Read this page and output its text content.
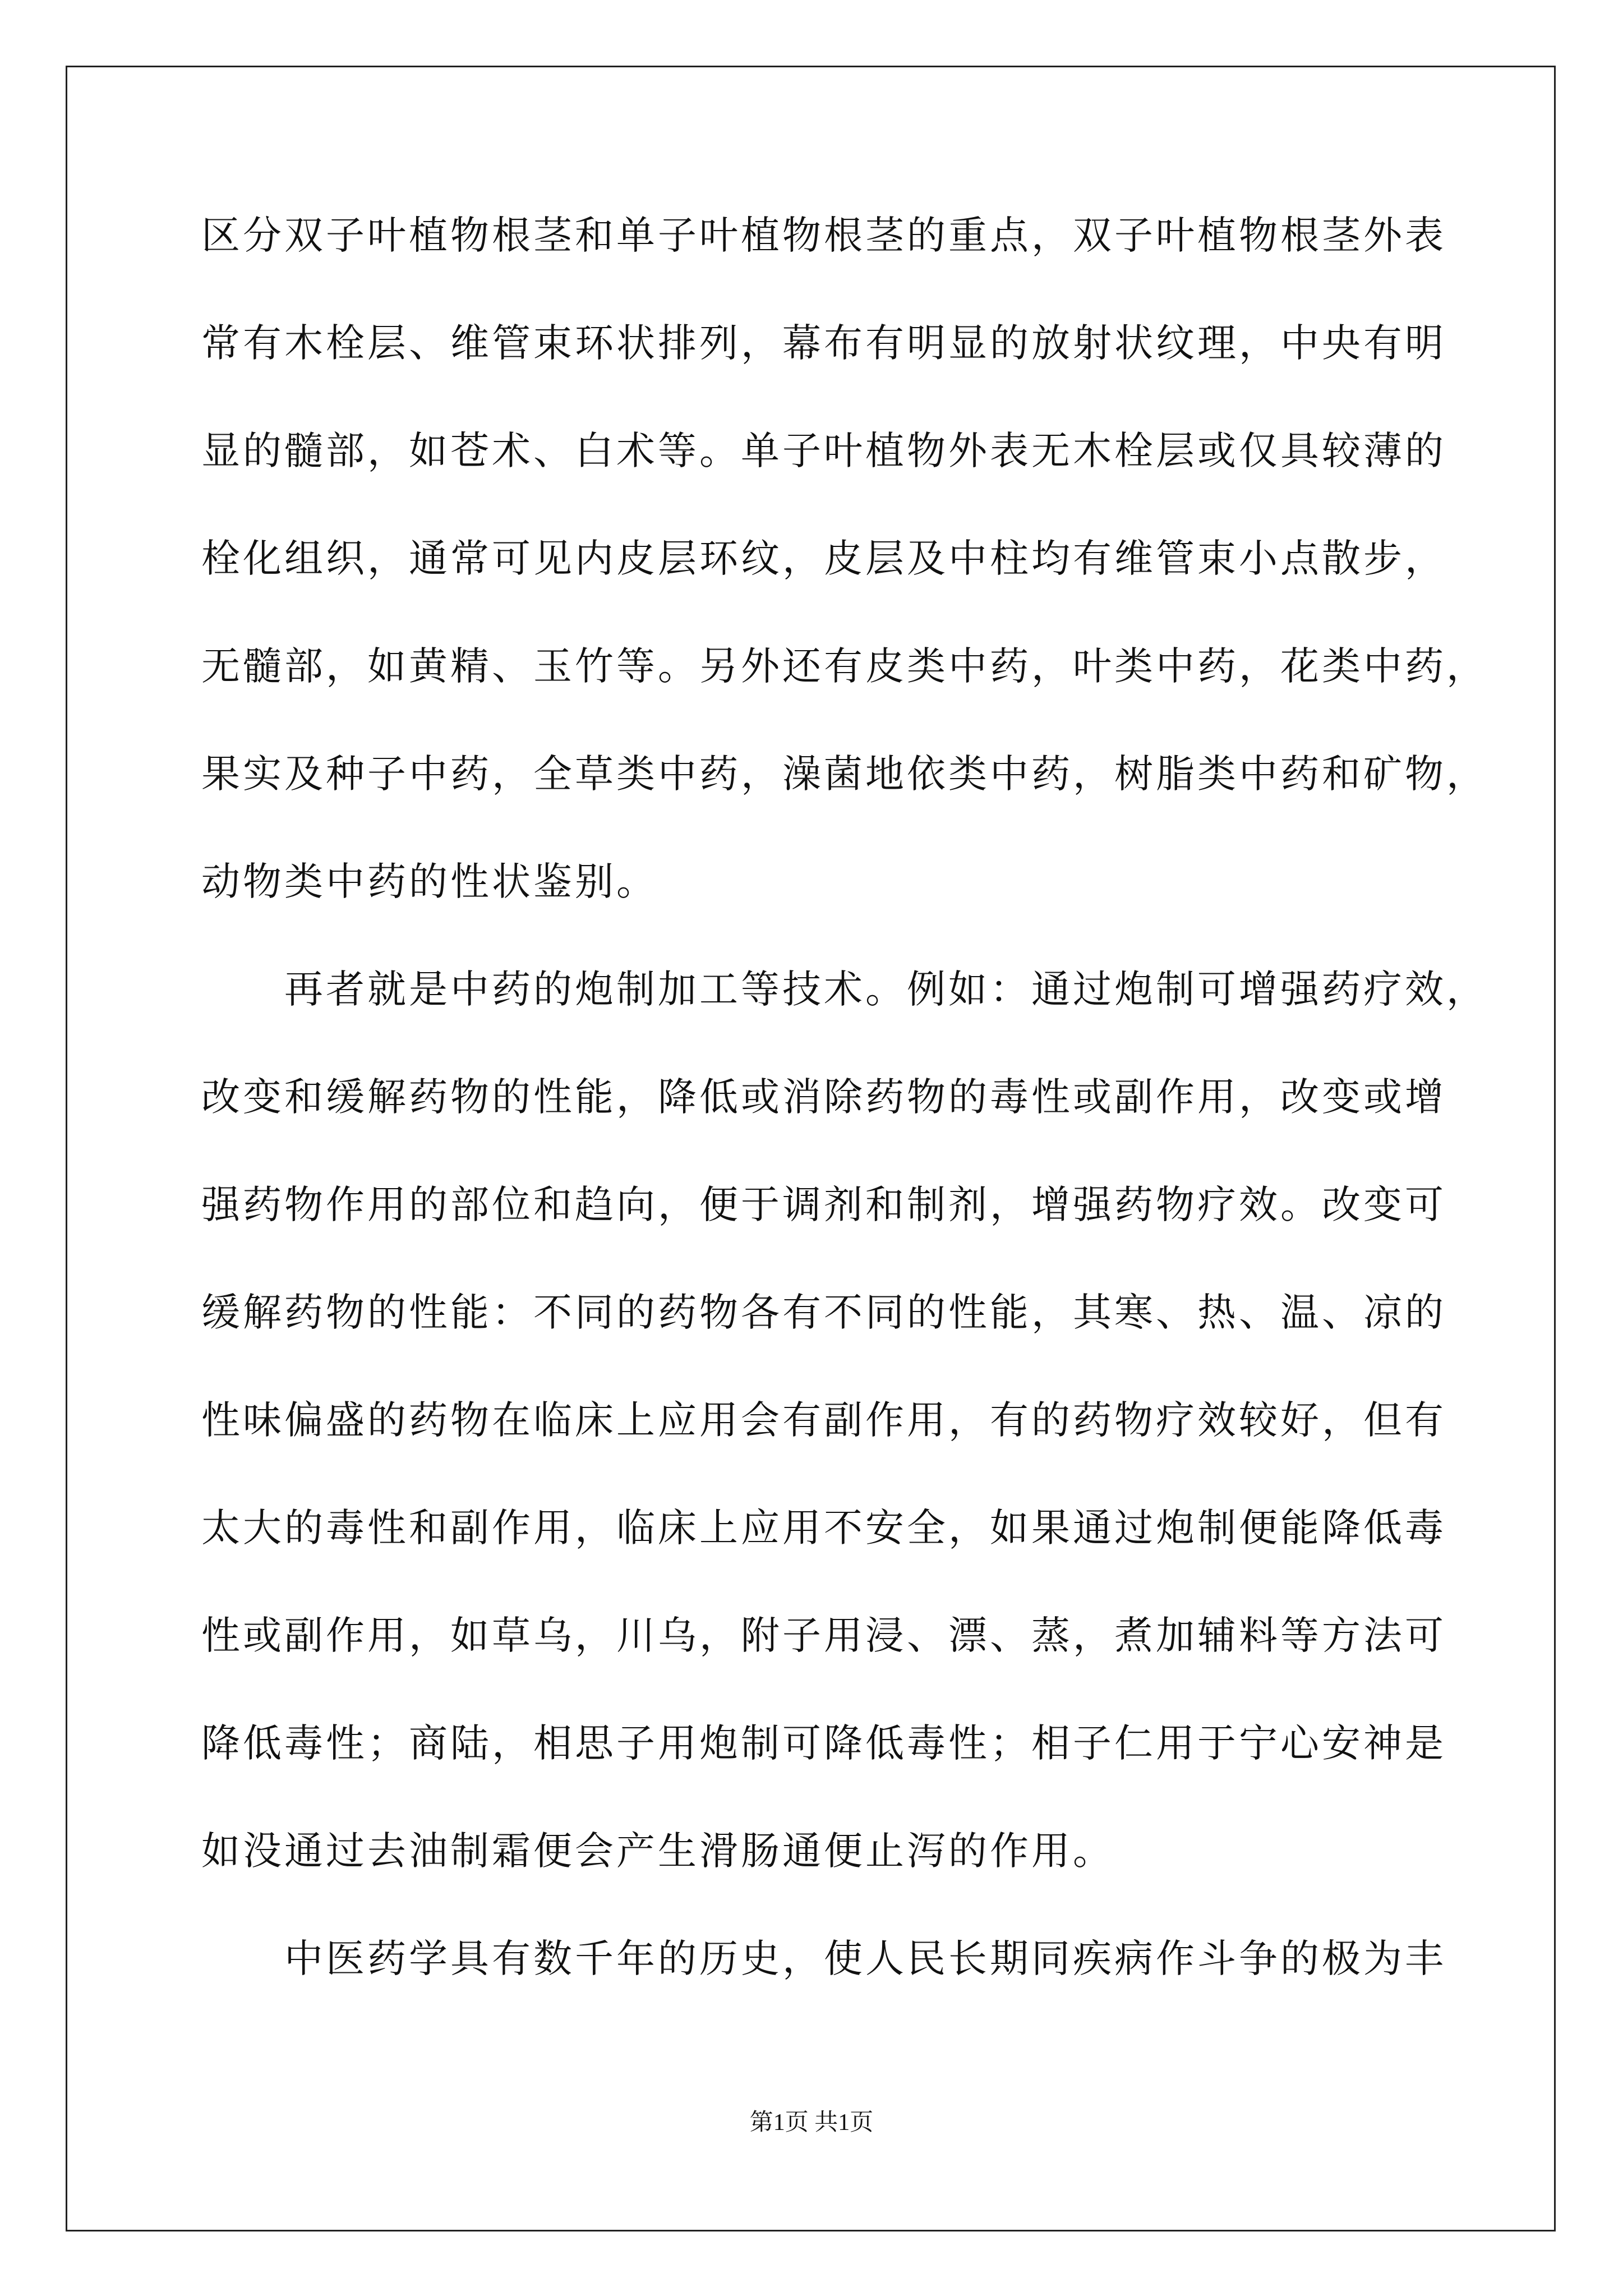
区分双子叶植物根茎和单子叶植物根茎的重点，双子叶植物根茎外表
常有木栓层、维管束环状排列，幕布有明显的放射状纹理，中央有明
显的髓部，如苍术、白术等。单子叶植物外表无木栓层或仅具较薄的
栓化组织，通常可见内皮层环纹，皮层及中柱均有维管束小点散步，
无髓部，如黄精、玉竹等。另外还有皮类中药，叶类中药，花类中药，
果实及种子中药，全草类中药，澡菌地依类中药，树脂类中药和矿物，
动物类中药的性状鉴别。
再者就是中药的炮制加工等技术。例如：通过炮制可增强药疗效，
改变和缓解药物的性能，降低或消除药物的毒性或副作用，改变或增
强药物作用的部位和趋向，便于调剂和制剂，增强药物疗效。改变可
缓解药物的性能：不同的药物各有不同的性能，其寒、热、温、凉的
性味偏盛的药物在临床上应用会有副作用，有的药物疗效较好，但有
太大的毒性和副作用，临床上应用不安全，如果通过炮制便能降低毒
性或副作用，如草乌，川乌，附子用浸、漂、蒸，煮加辅料等方法可
降低毒性；商陆，相思子用炮制可降低毒性；相子仁用于宁心安神是
如没通过去油制霜便会产生滑肠通便止泻的作用。
中医药学具有数千年的历史，使人民长期同疾病作斗争的极为丰
第1页 共1页
